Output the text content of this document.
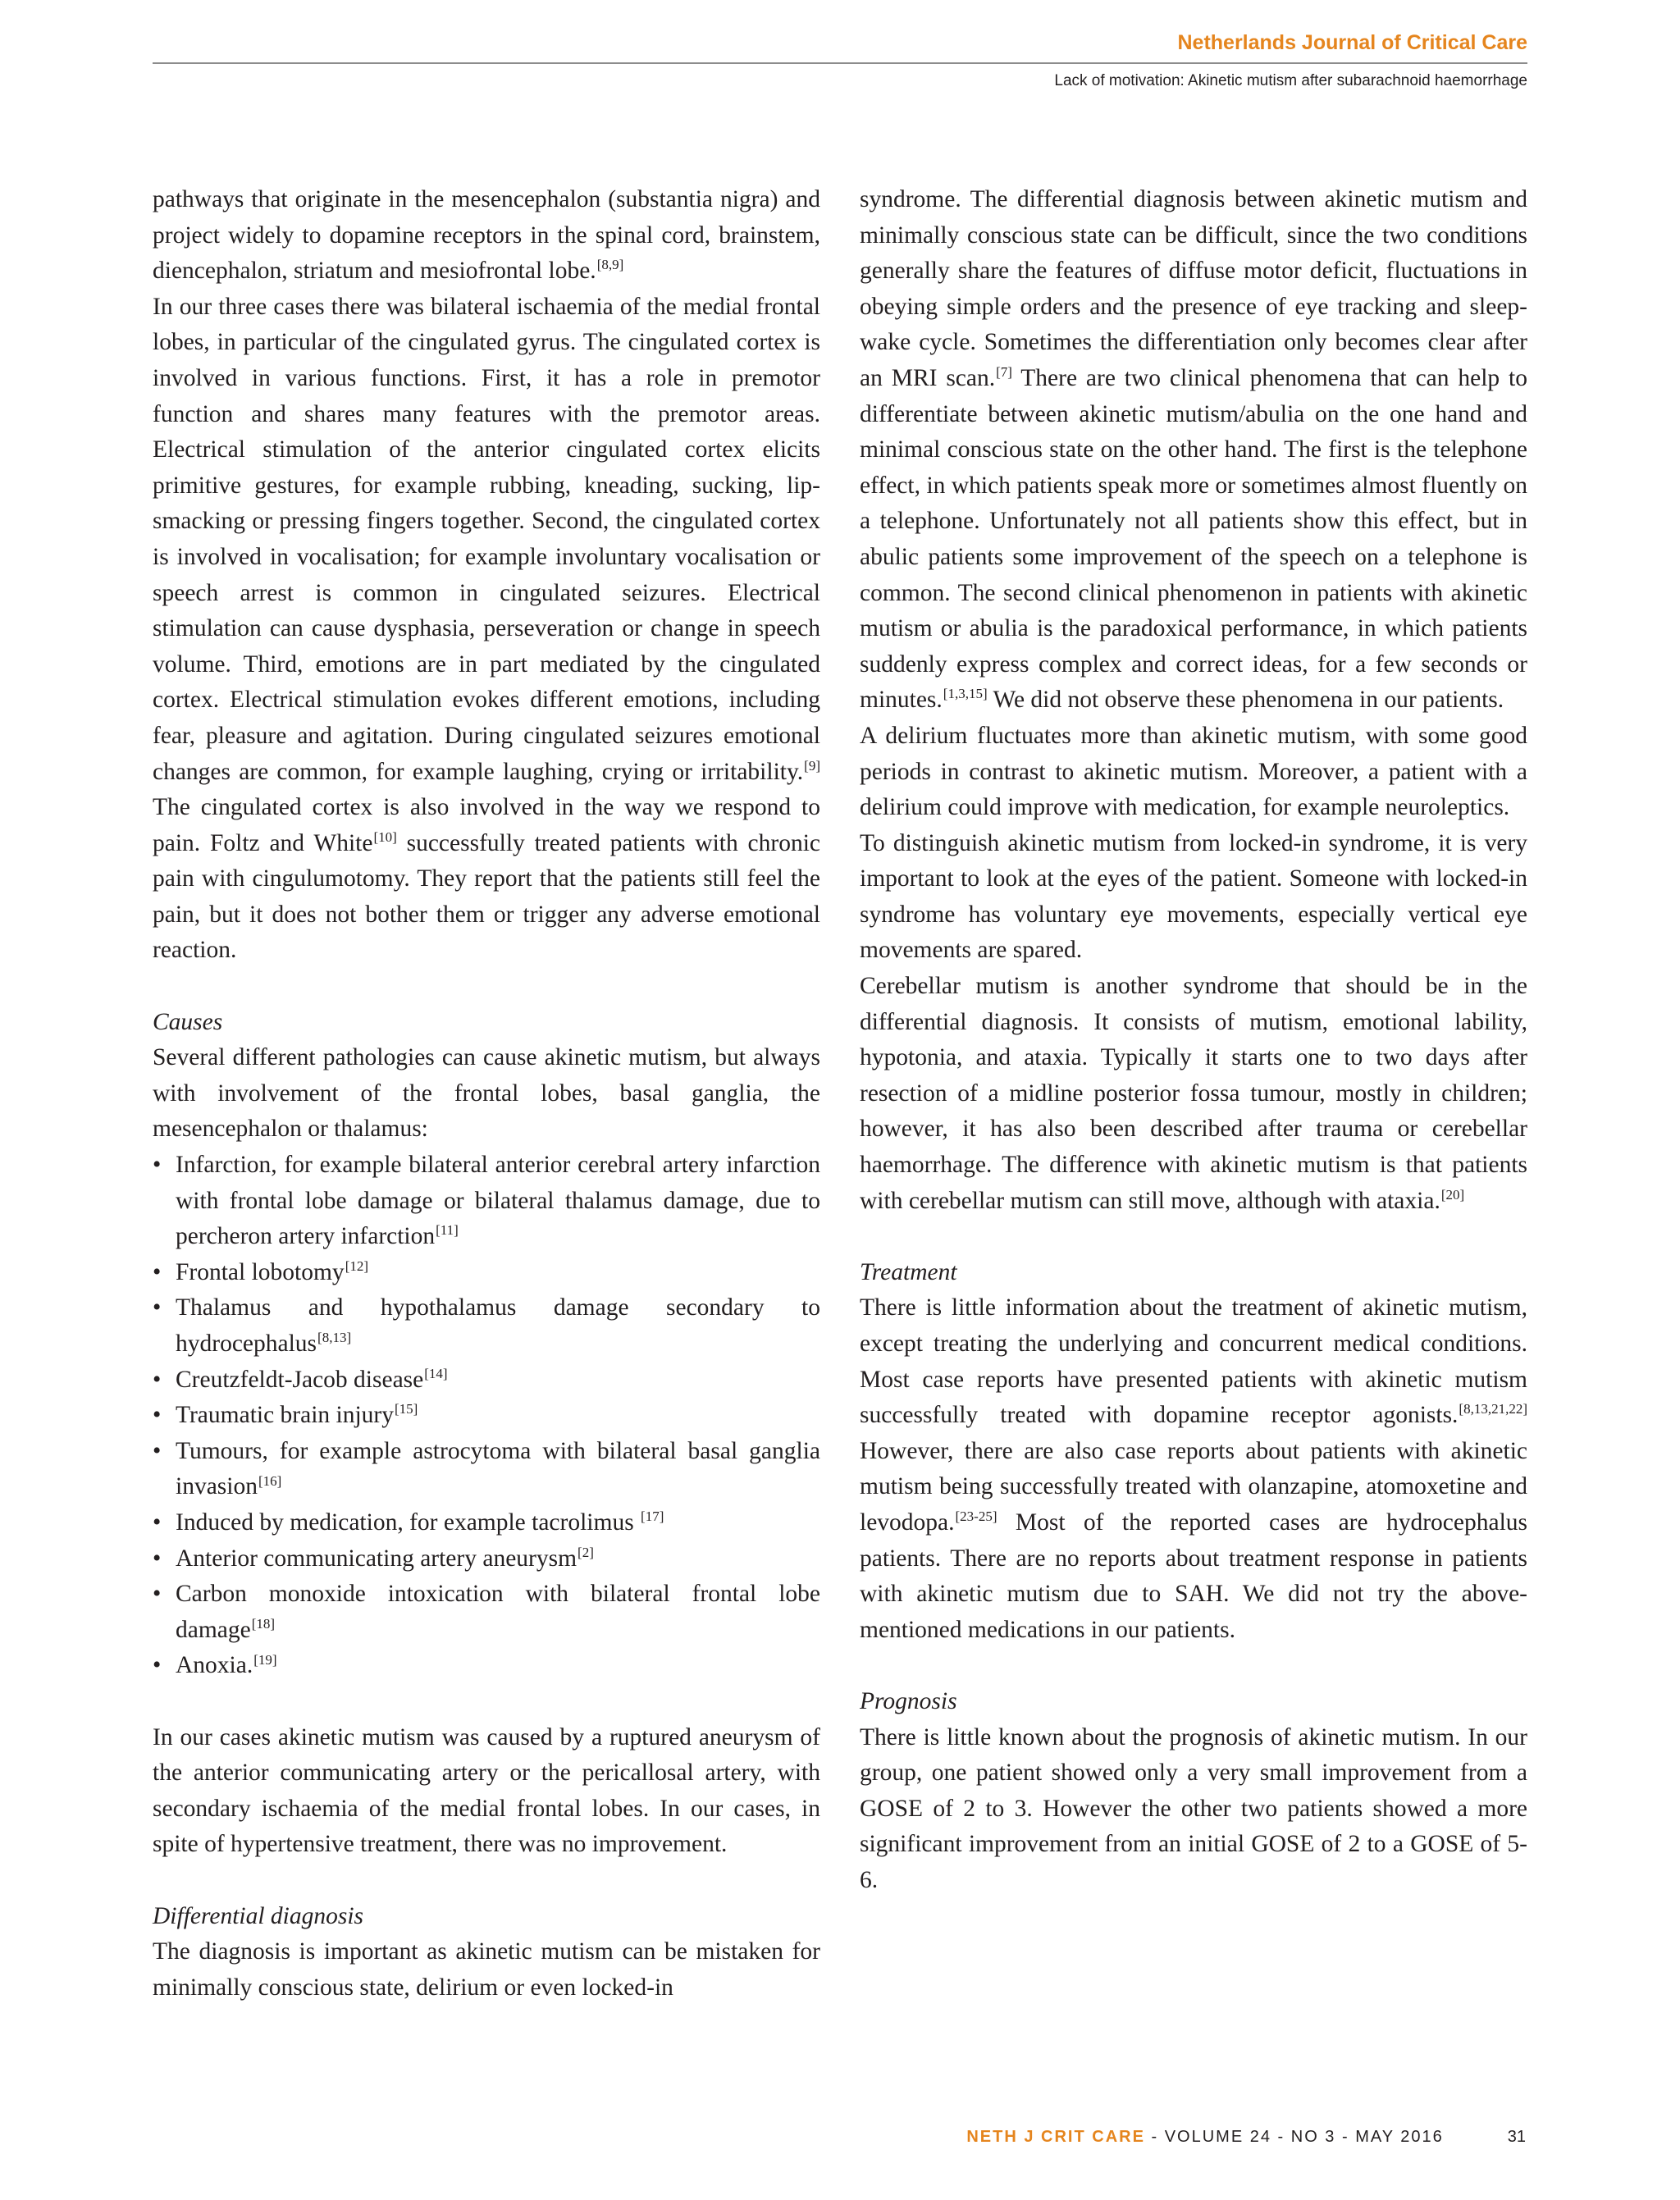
Netherlands Journal of Critical Care
Lack of motivation: Akinetic mutism after subarachnoid haemorrhage

pathways that originate in the mesencephalon (substantia nigra) and project widely to dopamine receptors in the spinal cord, brainstem, diencephalon, striatum and mesiofrontal lobe.[8,9]

In our three cases there was bilateral ischaemia of the medial frontal lobes, in particular of the cingulated gyrus. The cingulated cortex is involved in various functions. First, it has a role in premotor function and shares many features with the premotor areas. Electrical stimulation of the anterior cingulated cortex elicits primitive gestures, for example rubbing, kneading, sucking, lip-smacking or pressing fingers together. Second, the cingulated cortex is involved in vocalisation; for example involuntary vocalisation or speech arrest is common in cingulated seizures. Electrical stimulation can cause dysphasia, perseveration or change in speech volume. Third, emotions are in part mediated by the cingulated cortex. Electrical stimulation evokes different emotions, including fear, pleasure and agitation. During cingulated seizures emotional changes are common, for example laughing, crying or irritability.[9] The cingulated cortex is also involved in the way we respond to pain. Foltz and White[10] successfully treated patients with chronic pain with cingulumotomy. They report that the patients still feel the pain, but it does not bother them or trigger any adverse emotional reaction.

Causes

Several different pathologies can cause akinetic mutism, but always with involvement of the frontal lobes, basal ganglia, the mesencephalon or thalamus:

• Infarction, for example bilateral anterior cerebral artery infarction with frontal lobe damage or bilateral thalamus damage, due to percheron artery infarction[11]
• Frontal lobotomy[12]
• Thalamus and hypothalamus damage secondary to hydrocephalus[8,13]
• Creutzfeldt-Jacob disease[14]
• Traumatic brain injury[15]
• Tumours, for example astrocytoma with bilateral basal ganglia invasion[16]
• Induced by medication, for example tacrolimus [17]
• Anterior communicating artery aneurysm[2]
• Carbon monoxide intoxication with bilateral frontal lobe damage[18]
• Anoxia.[19]

In our cases akinetic mutism was caused by a ruptured aneurysm of the anterior communicating artery or the pericallosal artery, with secondary ischaemia of the medial frontal lobes. In our cases, in spite of hypertensive treatment, there was no improvement.

Differential diagnosis

The diagnosis is important as akinetic mutism can be mistaken for minimally conscious state, delirium or even locked-in

syndrome. The differential diagnosis between akinetic mutism and minimally conscious state can be difficult, since the two conditions generally share the features of diffuse motor deficit, fluctuations in obeying simple orders and the presence of eye tracking and sleep-wake cycle. Sometimes the differentiation only becomes clear after an MRI scan.[7] There are two clinical phenomena that can help to differentiate between akinetic mutism/abulia on the one hand and minimal conscious state on the other hand. The first is the telephone effect, in which patients speak more or sometimes almost fluently on a telephone. Unfortunately not all patients show this effect, but in abulic patients some improvement of the speech on a telephone is common. The second clinical phenomenon in patients with akinetic mutism or abulia is the paradoxical performance, in which patients suddenly express complex and correct ideas, for a few seconds or minutes.[1,3,15] We did not observe these phenomena in our patients.

A delirium fluctuates more than akinetic mutism, with some good periods in contrast to akinetic mutism. Moreover, a patient with a delirium could improve with medication, for example neuroleptics.

To distinguish akinetic mutism from locked-in syndrome, it is very important to look at the eyes of the patient. Someone with locked-in syndrome has voluntary eye movements, especially vertical eye movements are spared.

Cerebellar mutism is another syndrome that should be in the differential diagnosis. It consists of mutism, emotional lability, hypotonia, and ataxia. Typically it starts one to two days after resection of a midline posterior fossa tumour, mostly in children; however, it has also been described after trauma or cerebellar haemorrhage. The difference with akinetic mutism is that patients with cerebellar mutism can still move, although with ataxia.[20]

Treatment

There is little information about the treatment of akinetic mutism, except treating the underlying and concurrent medical conditions. Most case reports have presented patients with akinetic mutism successfully treated with dopamine receptor agonists.[8,13,21,22] However, there are also case reports about patients with akinetic mutism being successfully treated with olanzapine, atomoxetine and levodopa.[23-25] Most of the reported cases are hydrocephalus patients. There are no reports about treatment response in patients with akinetic mutism due to SAH. We did not try the above-mentioned medications in our patients.

Prognosis

There is little known about the prognosis of akinetic mutism. In our group, one patient showed only a very small improvement from a GOSE of 2 to 3. However the other two patients showed a more significant improvement from an initial GOSE of 2 to a GOSE of 5-6.

NETH J CRIT CARE - VOLUME 24 - NO 3 - MAY 2016	31
